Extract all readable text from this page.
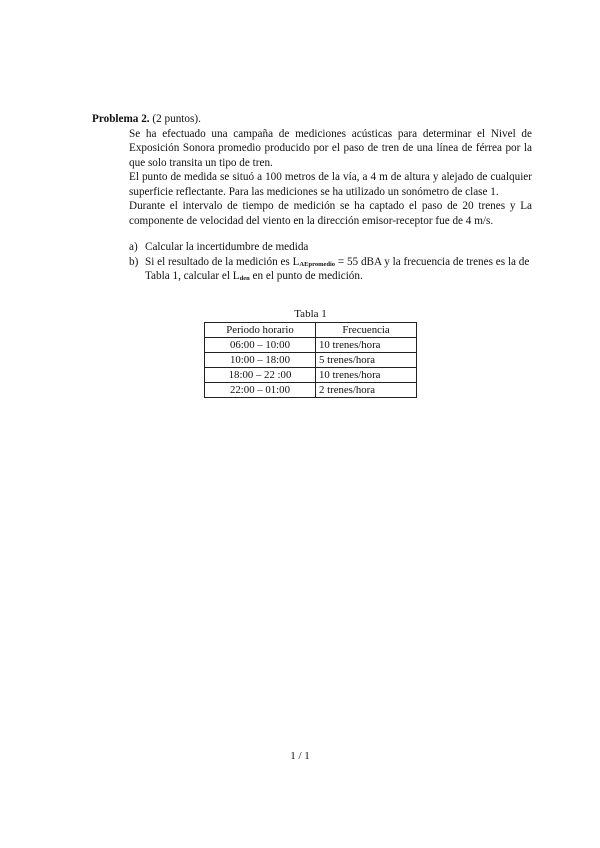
Problema 2. (2 puntos).

Se ha efectuado una campaña de mediciones acústicas para determinar el Nivel de Exposición Sonora promedio producido por el paso de tren de una línea de férrea por la que solo transita un tipo de tren.

El punto de medida se situó a 100 metros de la vía, a 4 m de altura y alejado de cualquier superficie reflectante. Para las mediciones se ha utilizado un sonómetro de clase 1.

Durante el intervalo de tiempo de medición se ha captado el paso de 20 trenes y La componente de velocidad del viento en la dirección emisor-receptor fue de 4 m/s.

a) Calcular la incertidumbre de medida
b) Si el resultado de la medición es $L_{AEpromedio} = 55$ dBA y la frecuencia de trenes es la de Tabla 1, calcular el $L_{den}$ en el punto de medición.
Tabla 1
Periodo horario	Frecuencia
06:00 – 10:00	10 trenes/hora
10:00 – 18:00	5 trenes/hora
18:00 – 22 :00	10 trenes/hora
22:00 – 01:00	2 trenes/hora
1 / 1
